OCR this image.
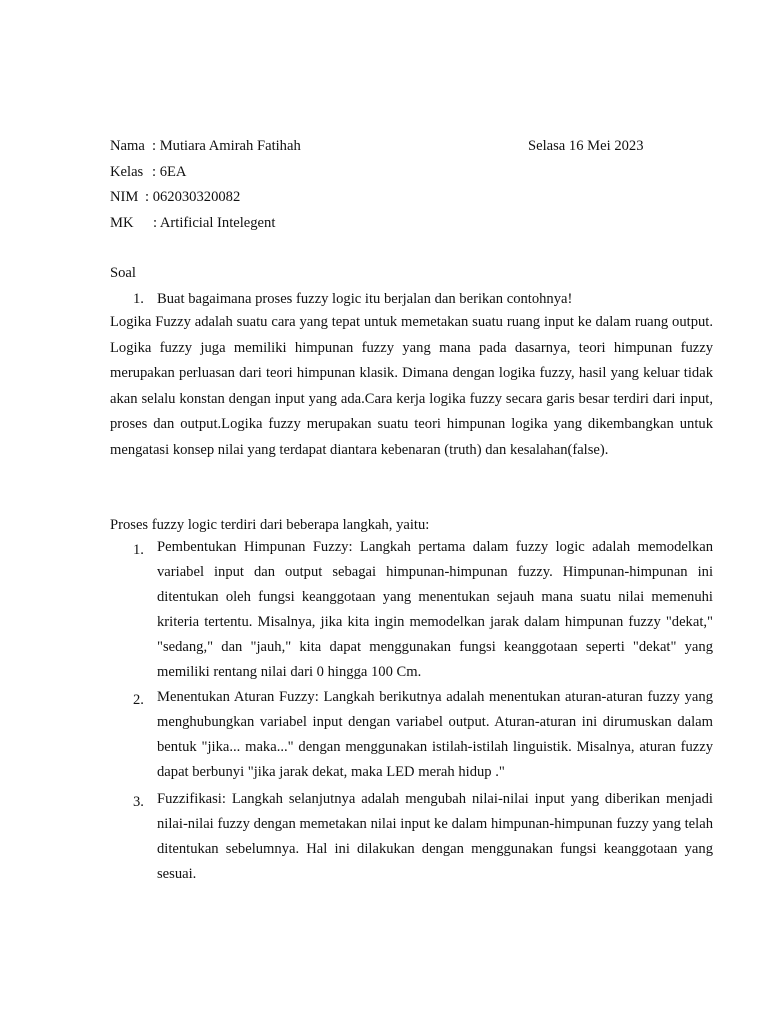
Nama : Mutiara Amirah Fatihah	Selasa 16 Mei 2023
Kelas : 6EA
NIM : 062030320082
MK : Artificial Intelegent
Soal
1. Buat bagaimana proses fuzzy logic itu berjalan dan berikan contohnya!
Logika Fuzzy adalah suatu cara yang tepat untuk memetakan suatu ruang input ke dalam ruang output. Logika fuzzy juga memiliki himpunan fuzzy yang mana pada dasarnya, teori himpunan fuzzy merupakan perluasan dari teori himpunan klasik. Dimana dengan logika fuzzy, hasil yang keluar tidak akan selalu konstan dengan input yang ada.Cara kerja logika fuzzy secara garis besar terdiri dari input, proses dan output.Logika fuzzy merupakan suatu teori himpunan logika yang dikembangkan untuk mengatasi konsep nilai yang terdapat diantara kebenaran (truth) dan kesalahan(false).
Proses fuzzy logic terdiri dari beberapa langkah, yaitu:
1. Pembentukan Himpunan Fuzzy: Langkah pertama dalam fuzzy logic adalah memodelkan variabel input dan output sebagai himpunan-himpunan fuzzy. Himpunan-himpunan ini ditentukan oleh fungsi keanggotaan yang menentukan sejauh mana suatu nilai memenuhi kriteria tertentu. Misalnya, jika kita ingin memodelkan jarak dalam himpunan fuzzy "dekat," "sedang," dan "jauh," kita dapat menggunakan fungsi keanggotaan seperti "dekat" yang memiliki rentang nilai dari 0 hingga 100 Cm.
2. Menentukan Aturan Fuzzy: Langkah berikutnya adalah menentukan aturan-aturan fuzzy yang menghubungkan variabel input dengan variabel output. Aturan-aturan ini dirumuskan dalam bentuk "jika... maka..." dengan menggunakan istilah-istilah linguistik. Misalnya, aturan fuzzy dapat berbunyi "jika jarak dekat, maka LED merah hidup ."
3. Fuzzifikasi: Langkah selanjutnya adalah mengubah nilai-nilai input yang diberikan menjadi nilai-nilai fuzzy dengan memetakan nilai input ke dalam himpunan-himpunan fuzzy yang telah ditentukan sebelumnya. Hal ini dilakukan dengan menggunakan fungsi keanggotaan yang sesuai.
